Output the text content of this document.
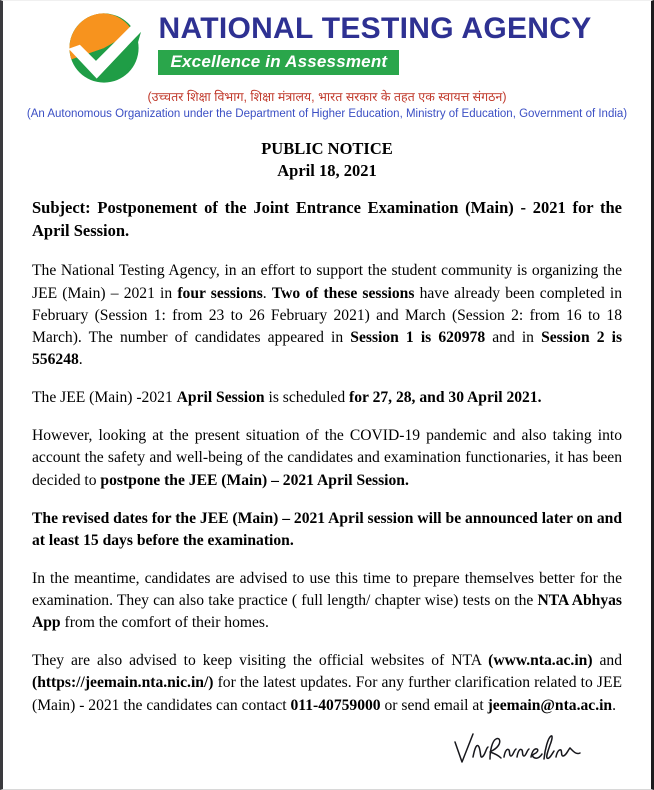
NATIONAL TESTING AGENCY
Excellence in Assessment
(उच्चतर शिक्षा विभाग, शिक्षा मंत्रालय, भारत सरकार के तहत एक स्वायत्त संगठन)
(An Autonomous Organization under the Department of Higher Education, Ministry of Education, Government of India)
PUBLIC NOTICE
April 18, 2021
Subject: Postponement of the Joint Entrance Examination (Main) - 2021 for the April Session.

The National Testing Agency, in an effort to support the student community is organizing the JEE (Main) – 2021 in four sessions. Two of these sessions have already been completed in February (Session 1: from 23 to 26 February 2021) and March (Session 2: from 16 to 18 March). The number of candidates appeared in Session 1 is 620978 and in Session 2 is 556248.

The JEE (Main) -2021 April Session is scheduled for 27, 28, and 30 April 2021.

However, looking at the present situation of the COVID-19 pandemic and also taking into account the safety and well-being of the candidates and examination functionaries, it has been decided to postpone the JEE (Main) – 2021 April Session.

The revised dates for the JEE (Main) – 2021 April session will be announced later on and at least 15 days before the examination.

In the meantime, candidates are advised to use this time to prepare themselves better for the examination. They can also take practice ( full length/ chapter wise) tests on the NTA Abhyas App from the comfort of their homes.

They are also advised to keep visiting the official websites of NTA (www.nta.ac.in) and (https://jeemain.nta.nic.in/) for the latest updates. For any further clarification related to JEE (Main) - 2021 the candidates can contact 011-40759000 or send email at jeemain@nta.ac.in.
